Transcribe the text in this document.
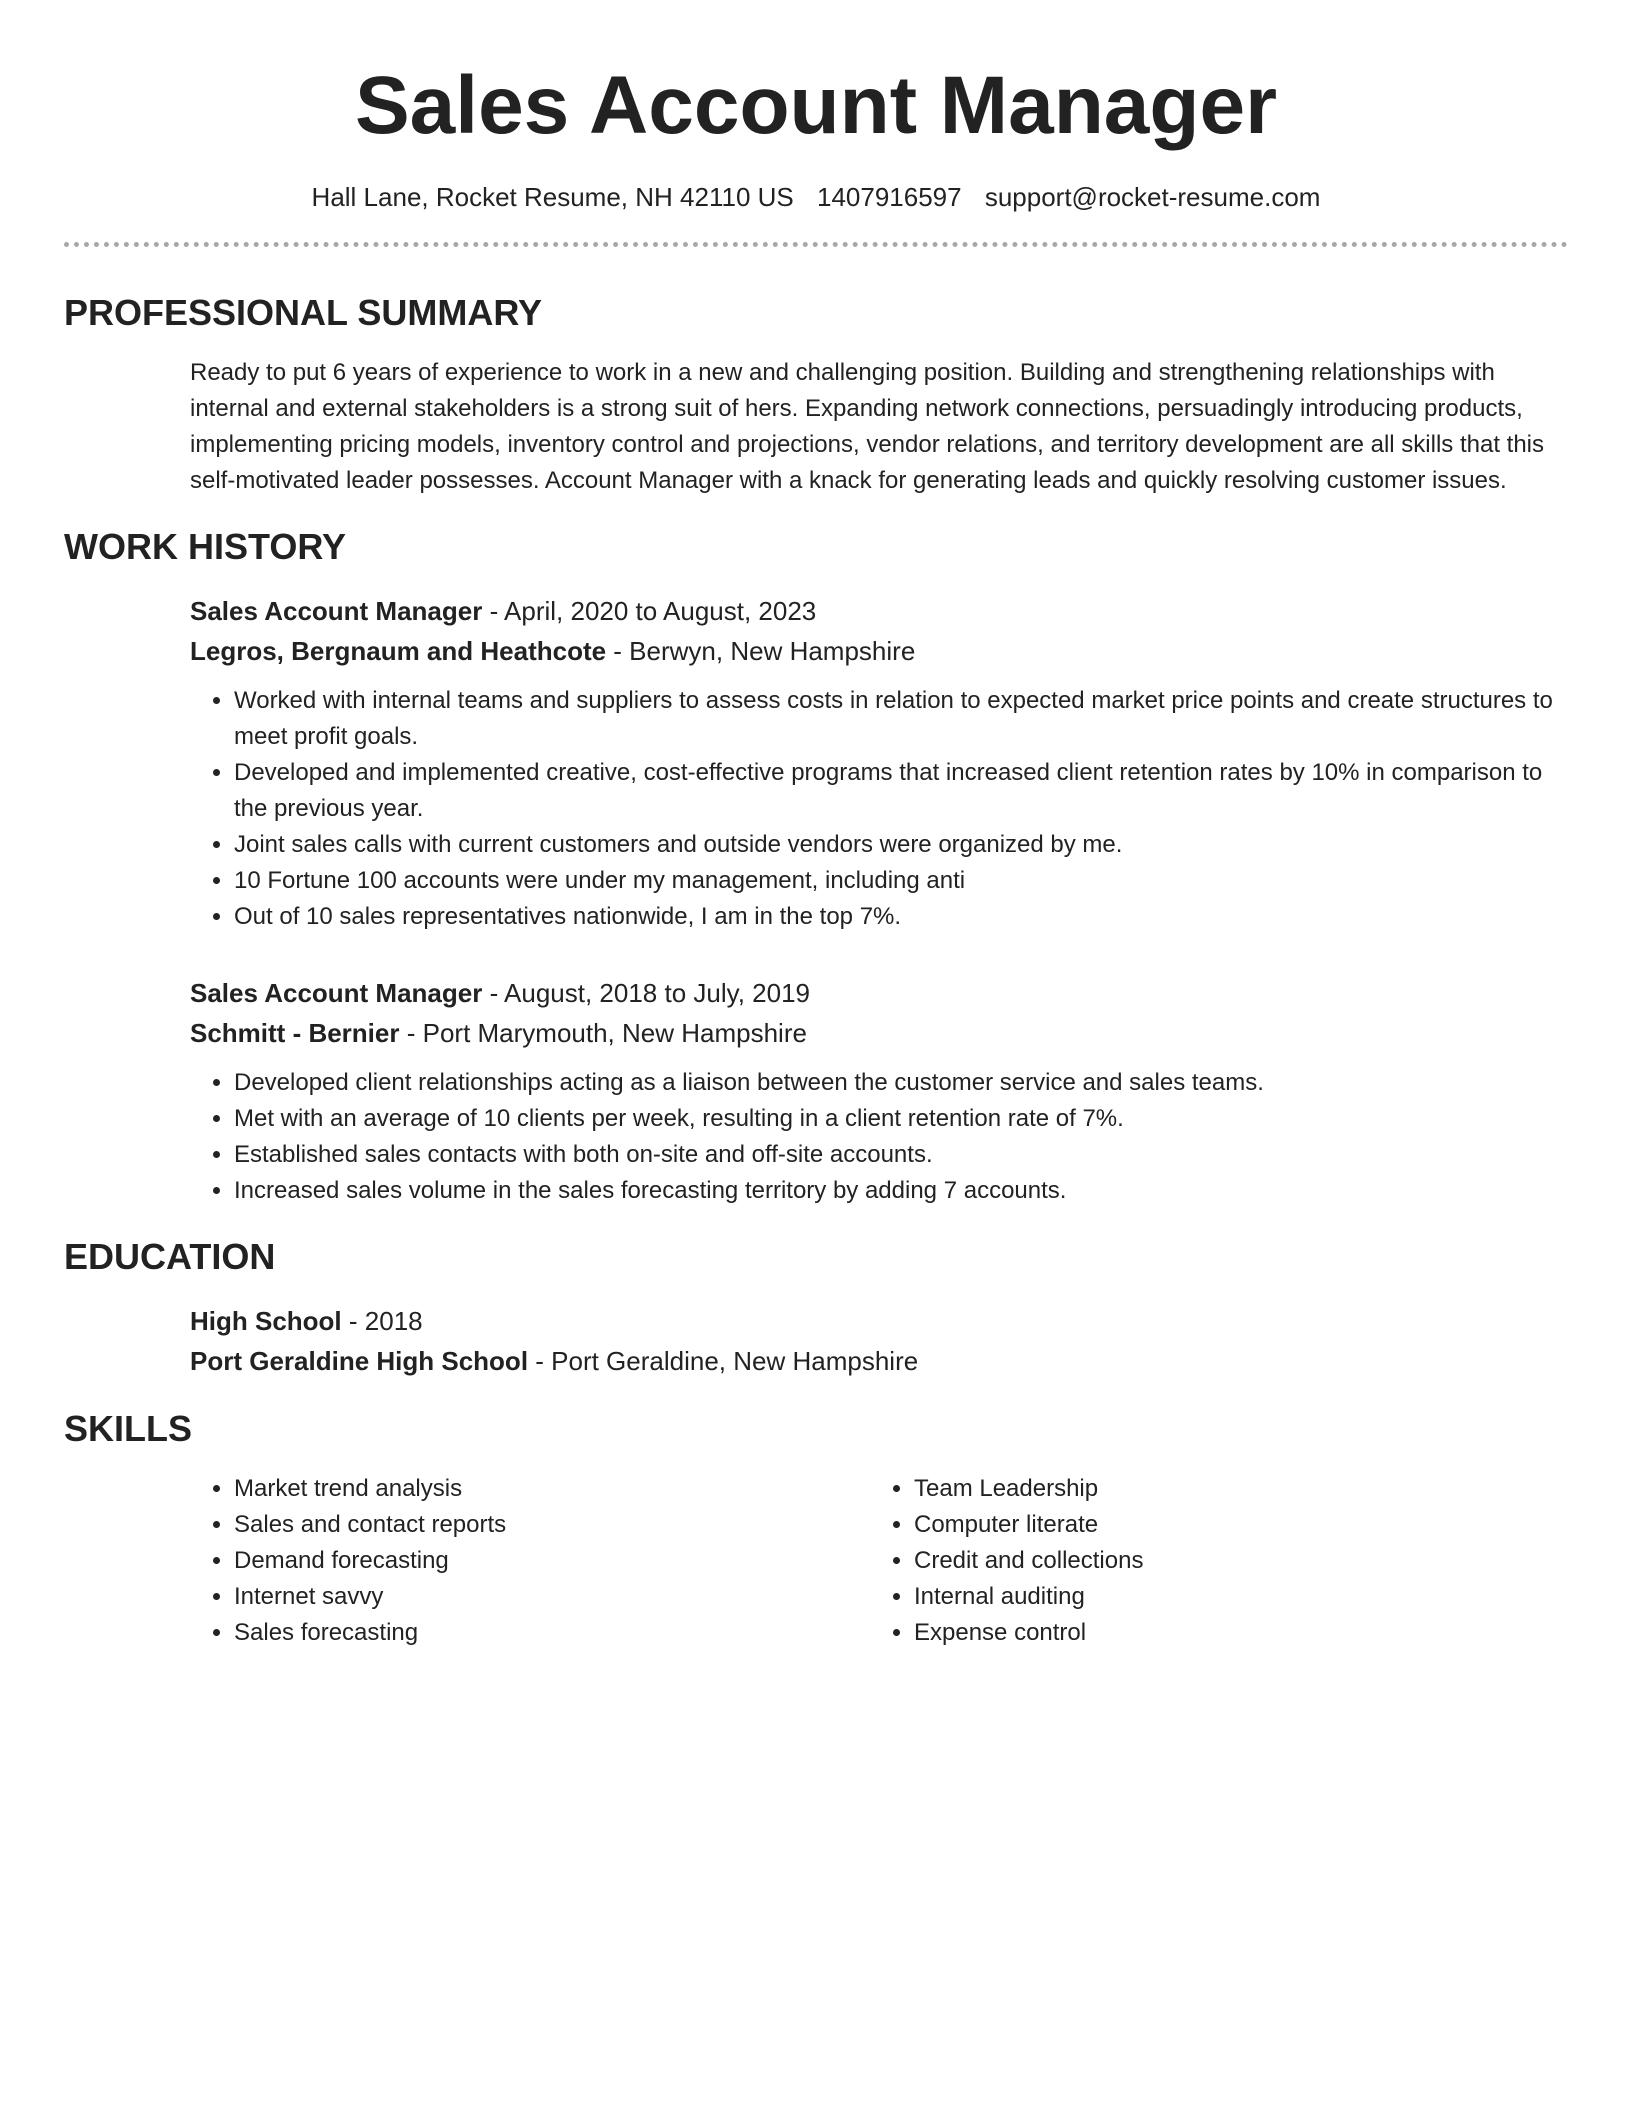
Sales Account Manager
Hall Lane, Rocket Resume, NH 42110 US 1407916597 support@rocket-resume.com
PROFESSIONAL SUMMARY
Ready to put 6 years of experience to work in a new and challenging position. Building and strengthening relationships with internal and external stakeholders is a strong suit of hers. Expanding network connections, persuadingly introducing products, implementing pricing models, inventory control and projections, vendor relations, and territory development are all skills that this self-motivated leader possesses. Account Manager with a knack for generating leads and quickly resolving customer issues.
WORK HISTORY
Sales Account Manager - April, 2020 to August, 2023
Legros, Bergnaum and Heathcote - Berwyn, New Hampshire
• Worked with internal teams and suppliers to assess costs in relation to expected market price points and create structures to meet profit goals.
• Developed and implemented creative, cost-effective programs that increased client retention rates by 10% in comparison to the previous year.
• Joint sales calls with current customers and outside vendors were organized by me.
• 10 Fortune 100 accounts were under my management, including anti
• Out of 10 sales representatives nationwide, I am in the top 7%.
Sales Account Manager - August, 2018 to July, 2019
Schmitt - Bernier - Port Marymouth, New Hampshire
• Developed client relationships acting as a liaison between the customer service and sales teams.
• Met with an average of 10 clients per week, resulting in a client retention rate of 7%.
• Established sales contacts with both on-site and off-site accounts.
• Increased sales volume in the sales forecasting territory by adding 7 accounts.
EDUCATION
High School - 2018
Port Geraldine High School - Port Geraldine, New Hampshire
SKILLS
• Market trend analysis
• Sales and contact reports
• Demand forecasting
• Internet savvy
• Sales forecasting
• Team Leadership
• Computer literate
• Credit and collections
• Internal auditing
• Expense control
